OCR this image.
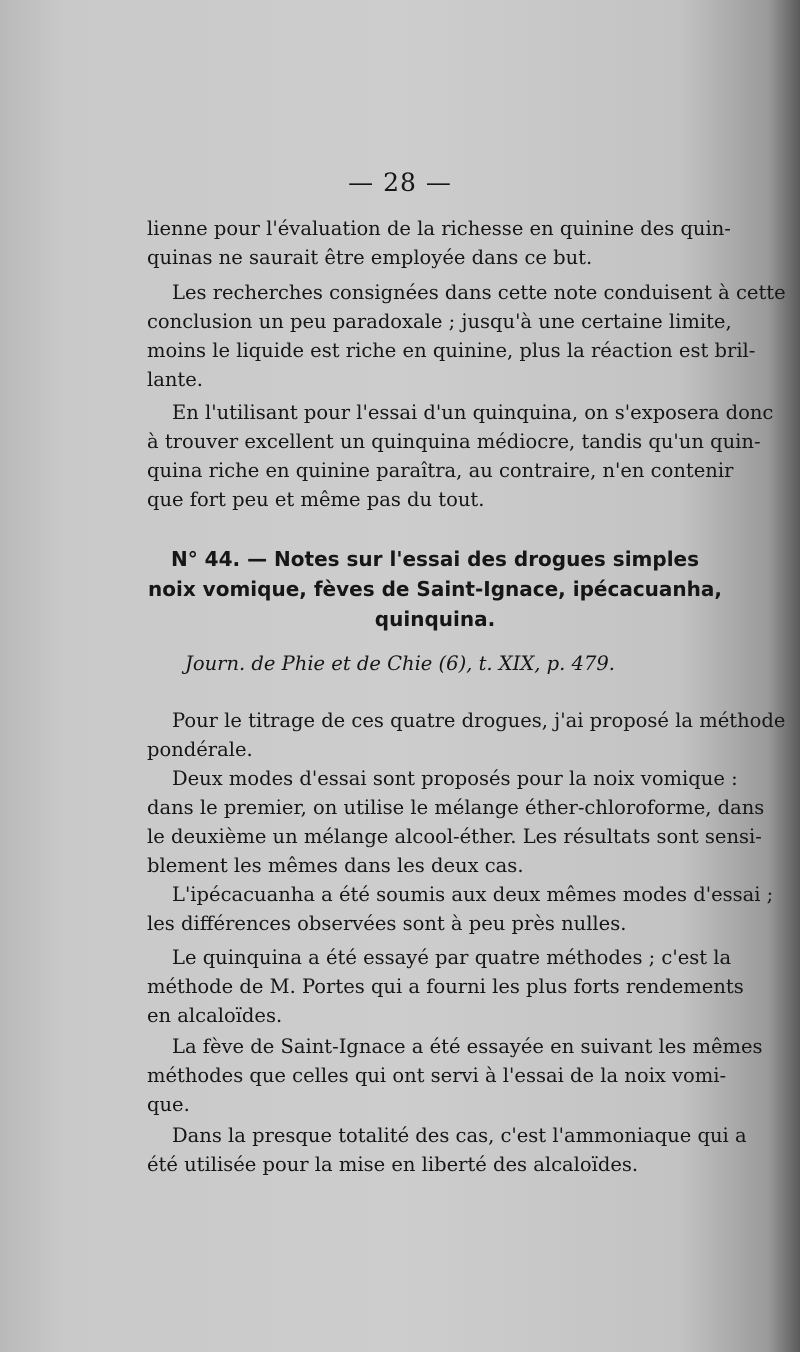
— 28 —
lienne pour l'évaluation de la richesse en quinine des quin-
quinas ne saurait être employée dans ce but.
Les recherches consignées dans cette note conduisent à cette
conclusion un peu paradoxale ; jusqu'à une certaine limite,
moins le liquide est riche en quinine, plus la réaction est bril-
lante.
En l'utilisant pour l'essai d'un quinquina, on s'exposera donc
à trouver excellent un quinquina médiocre, tandis qu'un quin-
quina riche en quinine paraîtra, au contraire, n'en contenir
que fort peu et même pas du tout.
N° 44. — Notes sur l'essai des drogues simples
noix vomique, fèves de Saint-Ignace, ipécacuanha,
quinquina.
Journ. de Phie et de Chie (6), t. XIX, p. 479.
Pour le titrage de ces quatre drogues, j'ai proposé la méthode
pondérale.
Deux modes d'essai sont proposés pour la noix vomique :
dans le premier, on utilise le mélange éther-chloroforme, dans
le deuxième un mélange alcool-éther. Les résultats sont sensi-
blement les mêmes dans les deux cas.
L'ipécacuanha a été soumis aux deux mêmes modes d'essai ;
les différences observées sont à peu près nulles.
Le quinquina a été essayé par quatre méthodes ; c'est la
méthode de M. Portes qui a fourni les plus forts rendements
en alcaloïdes.
La fève de Saint-Ignace a été essayée en suivant les mêmes
méthodes que celles qui ont servi à l'essai de la noix vomi-
que.
Dans la presque totalité des cas, c'est l'ammoniaque qui a
été utilisée pour la mise en liberté des alcaloïdes.
